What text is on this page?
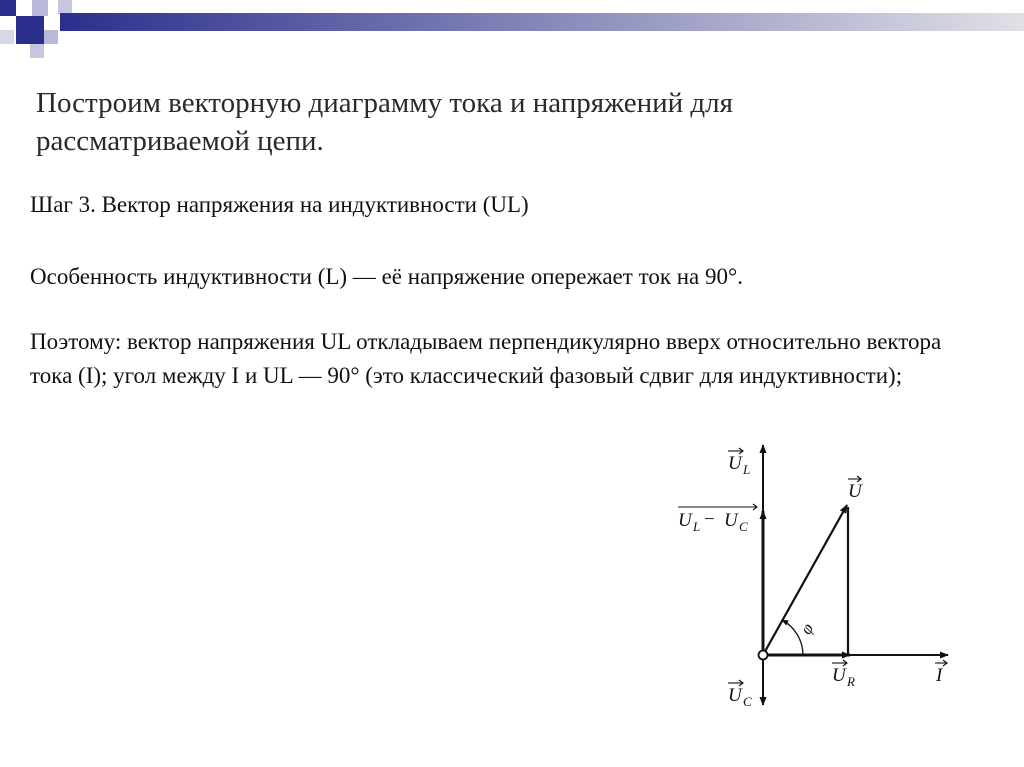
Построим векторную диаграмму тока и напряжений для рассматриваемой цепи.

Шаг 3. Вектор напряжения на индуктивности (UL)

Особенность индуктивности (L) — её напряжение опережает ток на 90°.

Поэтому: вектор напряжения UL откладываем перпендикулярно вверх относительно вектора тока (I); угол между I и UL — 90° (это классический фазовый сдвиг для индуктивности);

U L
U L − U C
U
φ
U R	I
U C
